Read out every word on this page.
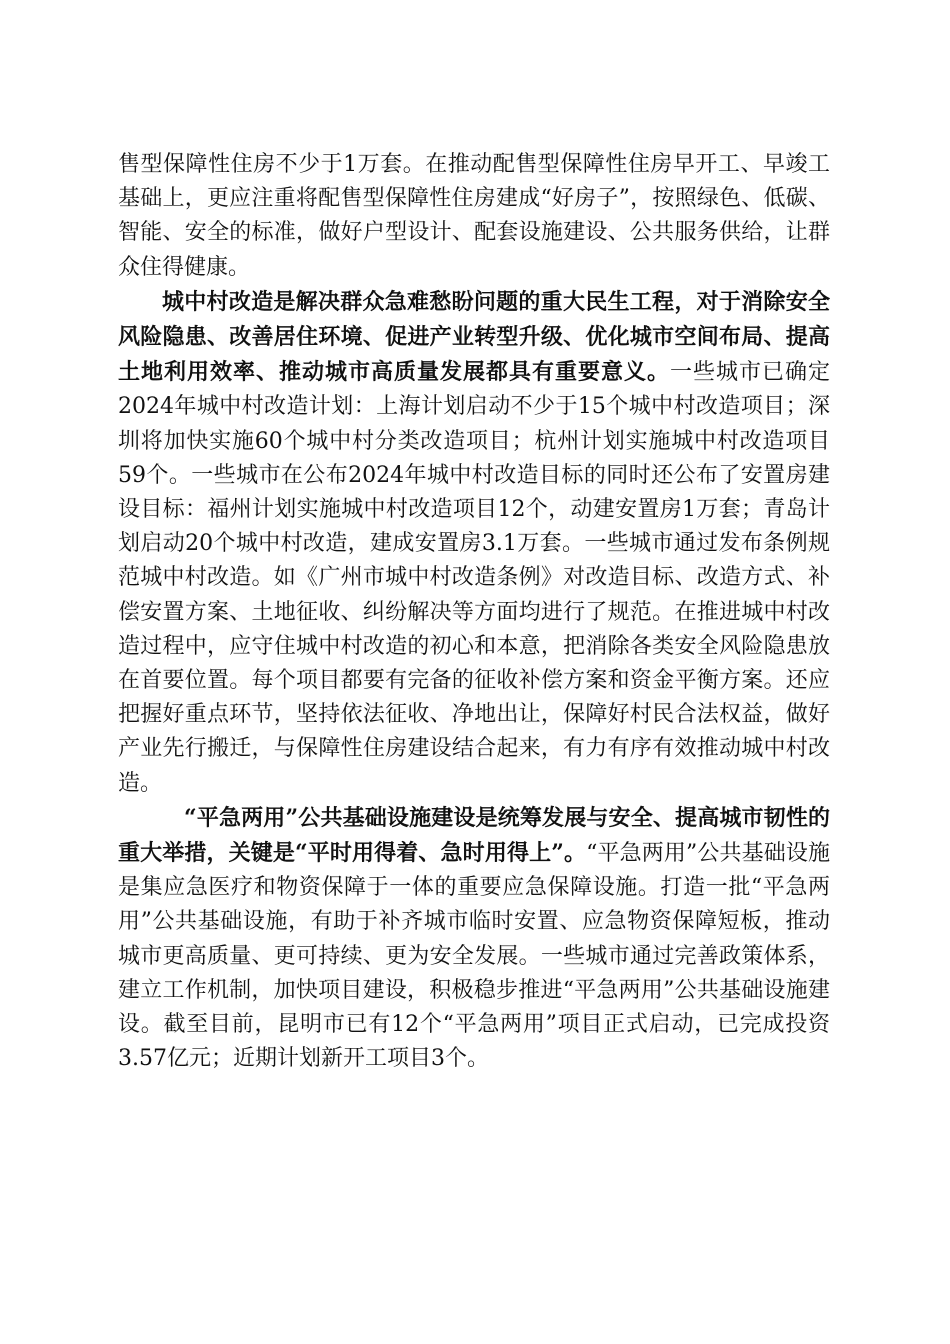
售型保障性住房不少于1万套。在推动配售型保障性住房早开工、早竣工基础上，更应注重将配售型保障性住房建成“好房子”，按照绿色、低碳、智能、安全的标准，做好户型设计、配套设施建设、公共服务供给，让群众住得健康。

城中村改造是解决群众急难愁盼问题的重大民生工程，对于消除安全风险隐患、改善居住环境、促进产业转型升级、优化城市空间布局、提高土地利用效率、推动城市高质量发展都具有重要意义。一些城市已确定2024年城中村改造计划：上海计划启动不少于15个城中村改造项目；深圳将加快实施60个城中村分类改造项目；杭州计划实施城中村改造项目59个。一些城市在公布2024年城中村改造目标的同时还公布了安置房建设目标：福州计划实施城中村改造项目12个，动建安置房1万套；青岛计划启动20个城中村改造，建成安置房3.1万套。一些城市通过发布条例规范城中村改造。如《广州市城中村改造条例》对改造目标、改造方式、补偿安置方案、土地征收、纠纷解决等方面均进行了规范。在推进城中村改造过程中，应守住城中村改造的初心和本意，把消除各类安全风险隐患放在首要位置。每个项目都要有完备的征收补偿方案和资金平衡方案。还应把握好重点环节，坚持依法征收、净地出让，保障好村民合法权益，做好产业先行搬迁，与保障性住房建设结合起来，有力有序有效推动城中村改造。

“平急两用”公共基础设施建设是统筹发展与安全、提高城市韧性的重大举措，关键是“平时用得着、急时用得上”。“平急两用”公共基础设施是集应急医疗和物资保障于一体的重要应急保障设施。打造一批“平急两用”公共基础设施，有助于补齐城市临时安置、应急物资保障短板，推动城市更高质量、更可持续、更为安全发展。一些城市通过完善政策体系，建立工作机制，加快项目建设，积极稳步推进“平急两用”公共基础设施建设。截至目前，昆明市已有12个“平急两用”项目正式启动，已完成投资3.57亿元；近期计划新开工项目3个。
